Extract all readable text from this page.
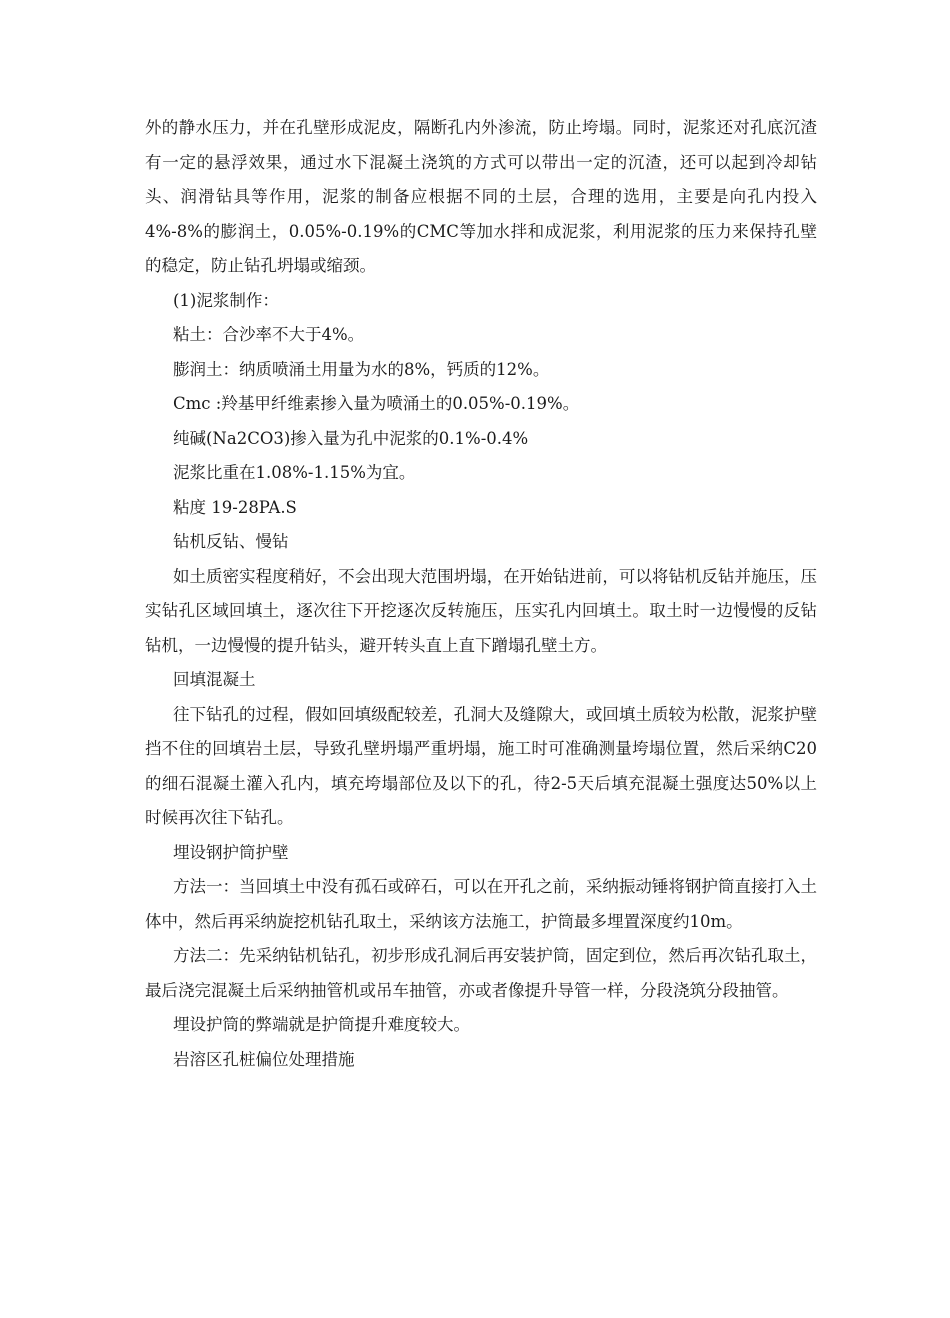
外的静水压力，并在孔壁形成泥皮，隔断孔内外渗流，防止垮塌。同时，泥浆还对孔底沉渣有一定的悬浮效果，通过水下混凝土浇筑的方式可以带出一定的沉渣，还可以起到冷却钻头、润滑钻具等作用，泥浆的制备应根据不同的土层，合理的选用，主要是向孔内投入4%-8%的膨润土，0.05%-0.19%的CMC等加水拌和成泥浆，利用泥浆的压力来保持孔壁的稳定，防止钻孔坍塌或缩颈。

(1)泥浆制作：

粘土：合沙率不大于4%。

膨润土：纳质喷涌土用量为水的8%，钙质的12%。

Cmc :羚基甲纤维素掺入量为喷涌土的0.05%-0.19%。

纯碱(Na2CO3)掺入量为孔中泥浆的0.1%-0.4%

泥浆比重在1.08%-1.15%为宜。

粘度 19-28PA.S

钻机反钻、慢钻

如土质密实程度稍好，不会出现大范围坍塌，在开始钻进前，可以将钻机反钻并施压，压实钻孔区域回填土，逐次往下开挖逐次反转施压，压实孔内回填土。取土时一边慢慢的反钻钻机，一边慢慢的提升钻头，避开转头直上直下蹭塌孔壁土方。

回填混凝土

往下钻孔的过程，假如回填级配较差，孔洞大及缝隙大，或回填土质较为松散，泥浆护壁挡不住的回填岩土层，导致孔壁坍塌严重坍塌，施工时可准确测量垮塌位置，然后采纳C20的细石混凝土灌入孔内，填充垮塌部位及以下的孔，待2-5天后填充混凝土强度达50%以上时候再次往下钻孔。

埋设钢护筒护壁

方法一：当回填土中没有孤石或碎石，可以在开孔之前，采纳振动锤将钢护筒直接打入土体中，然后再采纳旋挖机钻孔取土，采纳该方法施工，护筒最多埋置深度约10m。

方法二：先采纳钻机钻孔，初步形成孔洞后再安装护筒，固定到位，然后再次钻孔取土，最后浇完混凝土后采纳抽管机或吊车抽管，亦或者像提升导管一样，分段浇筑分段抽管。

埋设护筒的弊端就是护筒提升难度较大。

岩溶区孔桩偏位处理措施
